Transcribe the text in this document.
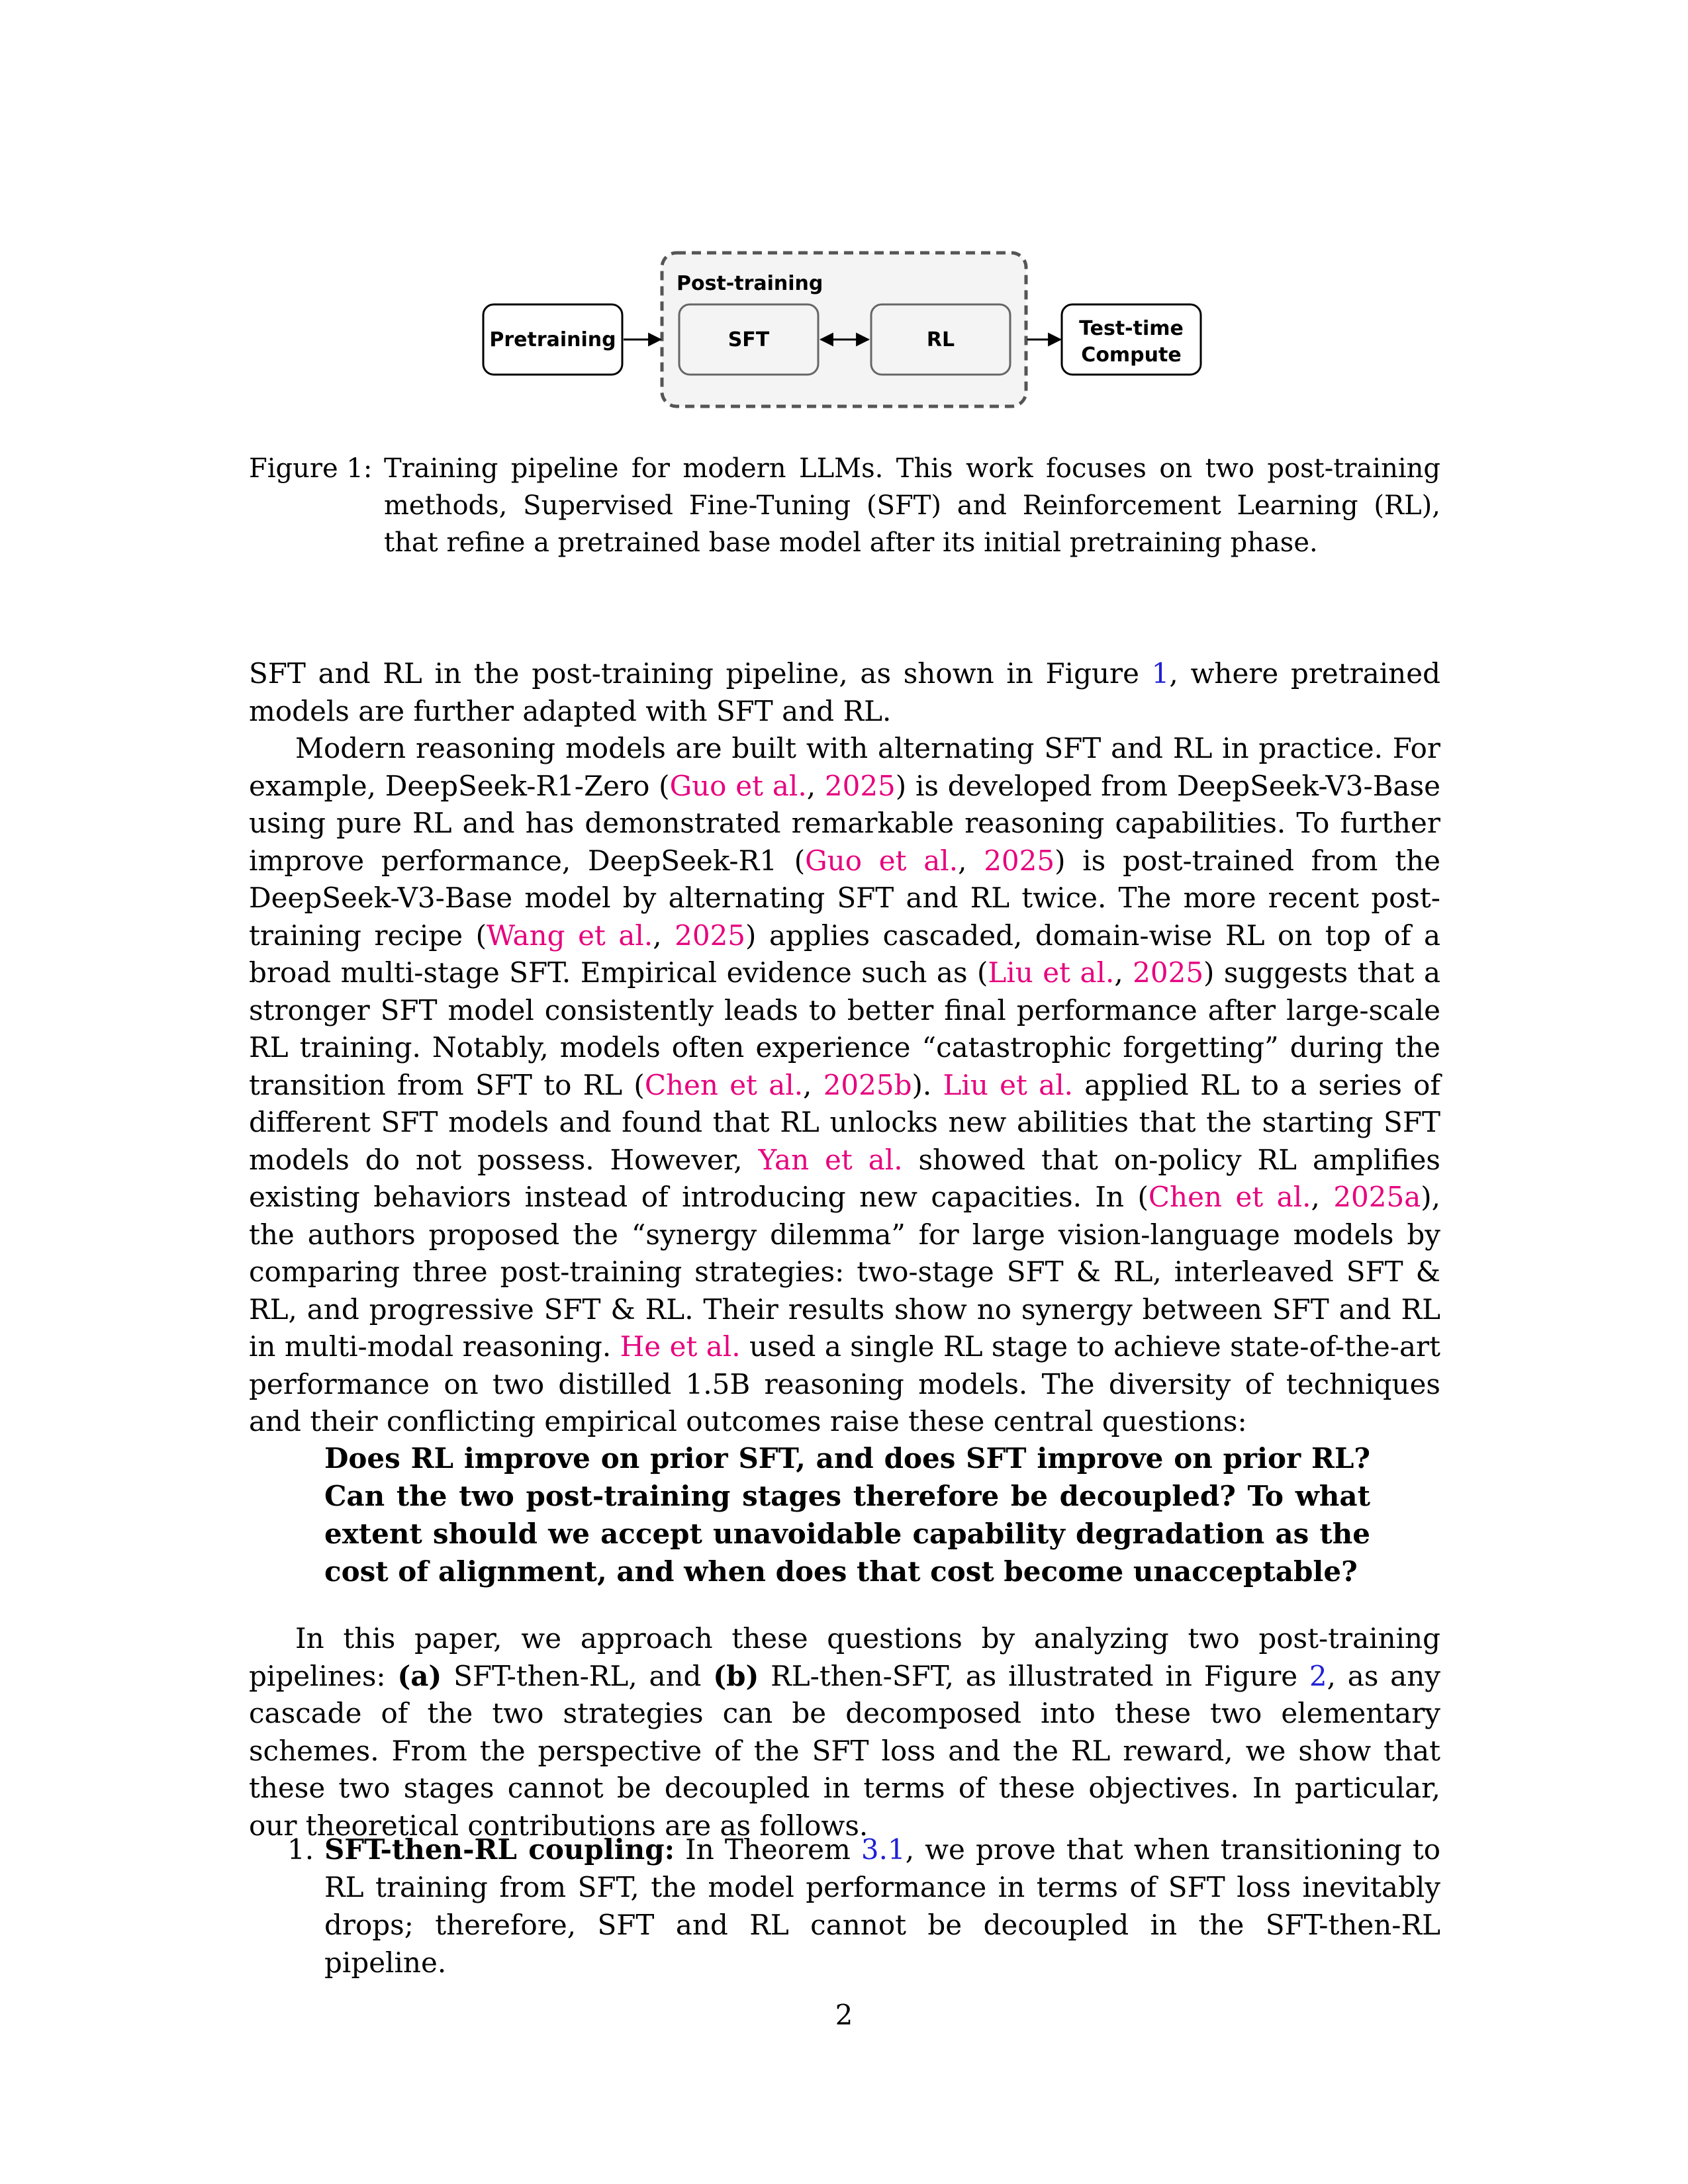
Post-training
Pretraining	SFT	RL	Test-time
Compute
Figure 1: Training pipeline for modern LLMs. This work focuses on two post-training methods, Supervised Fine-Tuning (SFT) and Reinforcement Learning (RL), that refine a pretrained base model after its initial pretraining phase.
SFT and RL in the post-training pipeline, as shown in Figure 1, where pretrained models are further adapted with SFT and RL.
Modern reasoning models are built with alternating SFT and RL in practice. For example, DeepSeek-R1-Zero (Guo et al., 2025) is developed from DeepSeek-V3-Base using pure RL and has demonstrated remarkable reasoning capabilities. To further improve performance, DeepSeek-R1 (Guo et al., 2025) is post-trained from the DeepSeek-V3-Base model by alternating SFT and RL twice. The more recent post-training recipe (Wang et al., 2025) applies cascaded, domain-wise RL on top of a broad multi-stage SFT. Empirical evidence such as (Liu et al., 2025) suggests that a stronger SFT model consistently leads to better final performance after large-scale RL training. Notably, models often experience “catastrophic forgetting” during the transition from SFT to RL (Chen et al., 2025b). Liu et al. applied RL to a series of different SFT models and found that RL unlocks new abilities that the starting SFT models do not possess. However, Yan et al. showed that on-policy RL amplifies existing behaviors instead of introducing new capacities. In (Chen et al., 2025a), the authors proposed the “synergy dilemma” for large vision-language models by comparing three post-training strategies: two-stage SFT & RL, interleaved SFT & RL, and progressive SFT & RL. Their results show no synergy between SFT and RL in multi-modal reasoning. He et al. used a single RL stage to achieve state-of-the-art performance on two distilled 1.5B reasoning models. The diversity of techniques and their conflicting empirical outcomes raise these central questions:
Does RL improve on prior SFT, and does SFT improve on prior RL? Can the two post-training stages therefore be decoupled? To what extent should we accept unavoidable capability degradation as the cost of alignment, and when does that cost become unacceptable?
In this paper, we approach these questions by analyzing two post-training pipelines: (a) SFT-then-RL, and (b) RL-then-SFT, as illustrated in Figure 2, as any cascade of the two strategies can be decomposed into these two elementary schemes. From the perspective of the SFT loss and the RL reward, we show that these two stages cannot be decoupled in terms of these objectives. In particular, our theoretical contributions are as follows.
1. SFT-then-RL coupling: In Theorem 3.1, we prove that when transitioning to RL training from SFT, the model performance in terms of SFT loss inevitably drops; therefore, SFT and RL cannot be decoupled in the SFT-then-RL pipeline.
2
